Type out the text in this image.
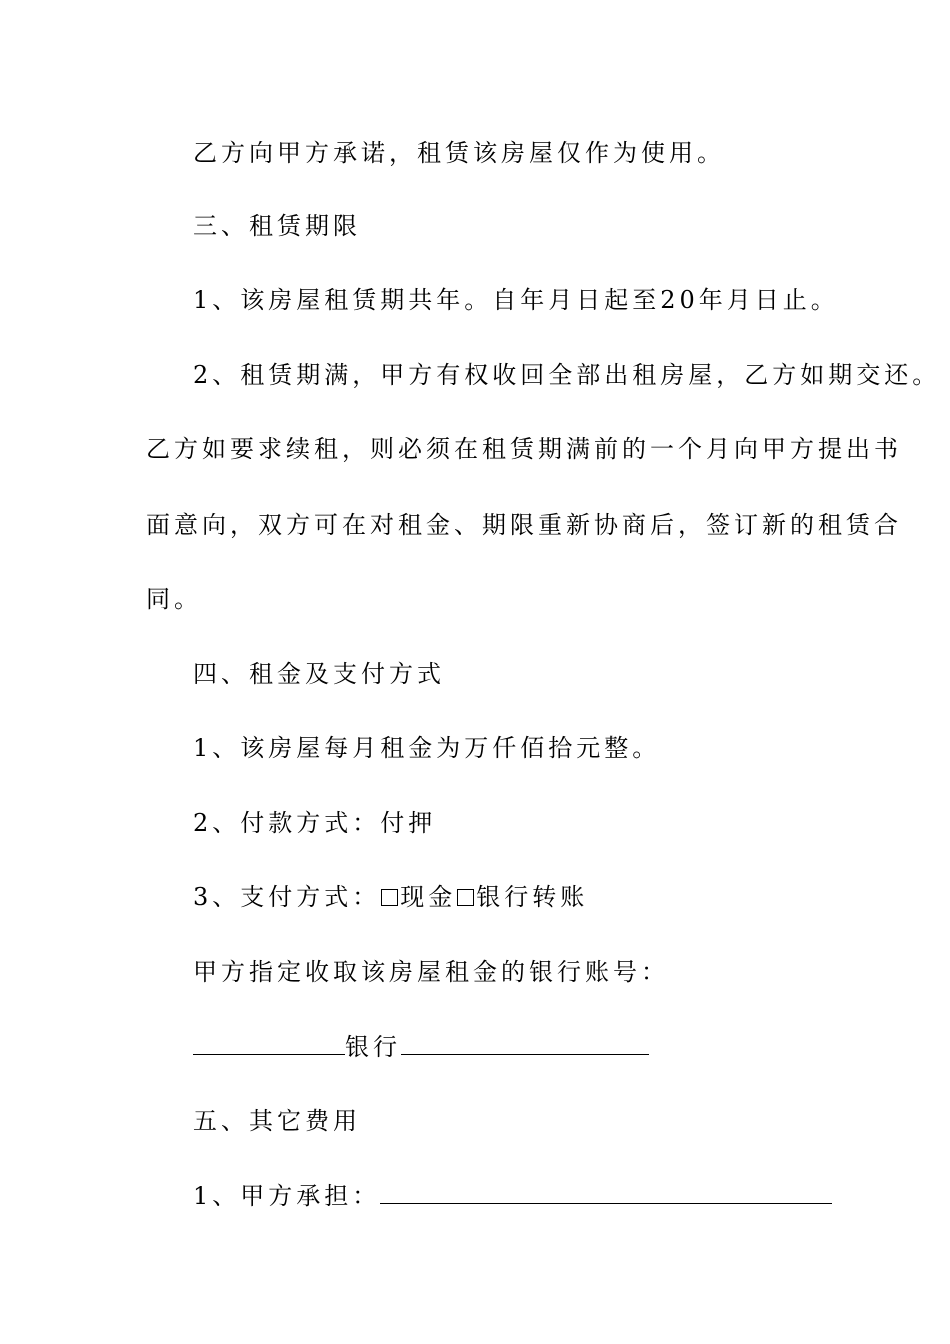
乙方向甲方承诺，租赁该房屋仅作为使用。
三、租赁期限
1、该房屋租赁期共年。自年月日起至20年月日止。
2、租赁期满，甲方有权收回全部出租房屋，乙方如期交还。
乙方如要求续租，则必须在租赁期满前的一个月向甲方提出书
面意向，双方可在对租金、期限重新协商后，签订新的租赁合
同。
四、租金及支付方式
1、该房屋每月租金为万仟佰拾元整。
2、付款方式：付押
3、支付方式： 现金 银行转账
甲方指定收取该房屋租金的银行账号：
银行
五、其它费用
1、甲方承担：
